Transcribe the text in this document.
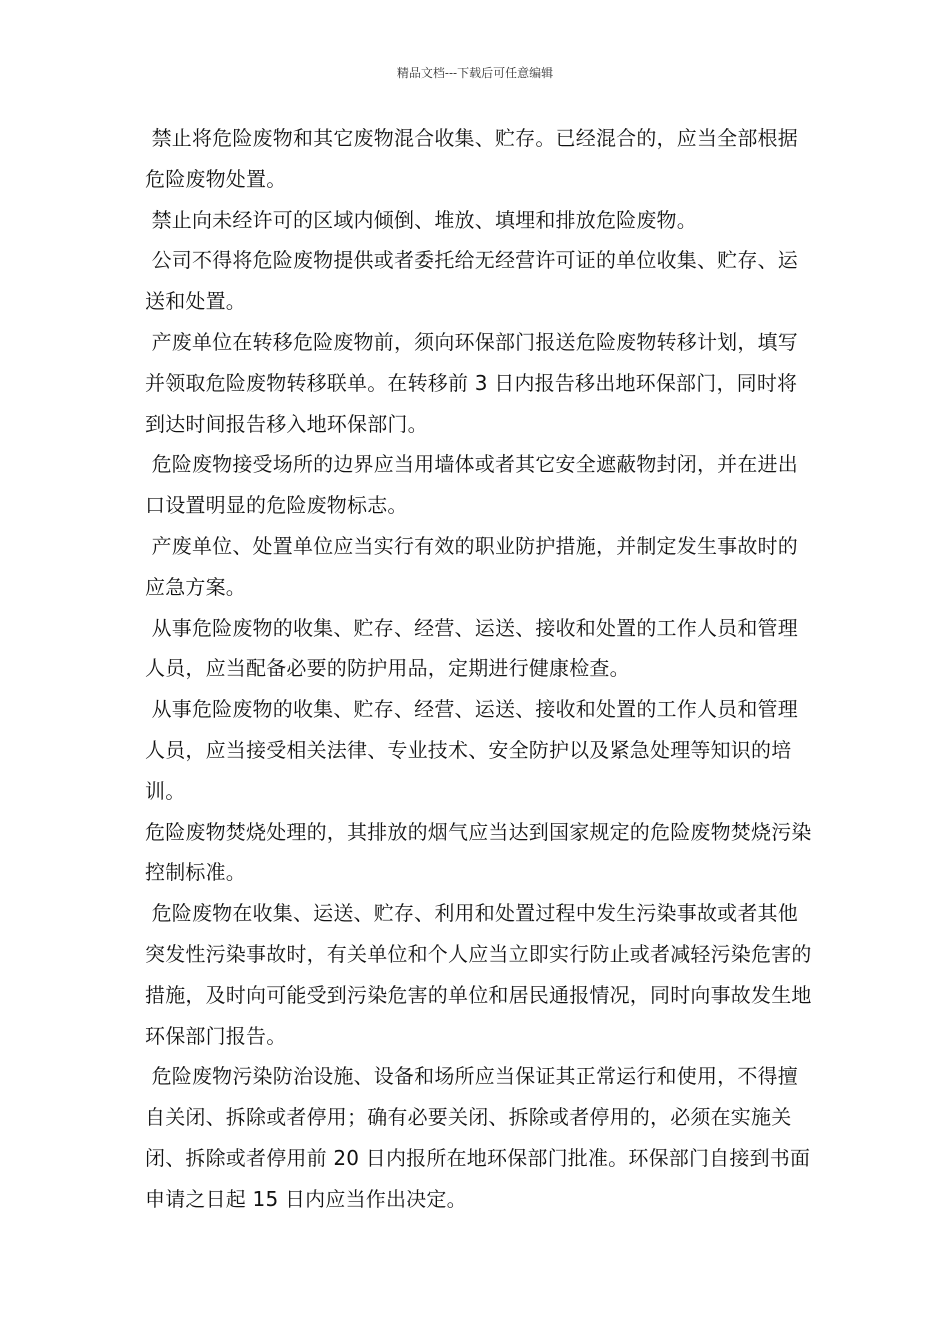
精品文档---下载后可任意编辑

禁止将危险废物和其它废物混合收集、贮存。已经混合的，应当全部根据危险废物处置。

禁止向未经许可的区域内倾倒、堆放、填埋和排放危险废物。

公司不得将危险废物提供或者委托给无经营许可证的单位收集、贮存、运送和处置。

产废单位在转移危险废物前，须向环保部门报送危险废物转移计划，填写并领取危险废物转移联单。在转移前 3 日内报告移出地环保部门，同时将到达时间报告移入地环保部门。

危险废物接受场所的边界应当用墙体或者其它安全遮蔽物封闭，并在进出口设置明显的危险废物标志。

产废单位、处置单位应当实行有效的职业防护措施，并制定发生事故时的应急方案。

从事危险废物的收集、贮存、经营、运送、接收和处置的工作人员和管理人员，应当配备必要的防护用品，定期进行健康检查。

从事危险废物的收集、贮存、经营、运送、接收和处置的工作人员和管理人员，应当接受相关法律、专业技术、安全防护以及紧急处理等知识的培训。

危险废物焚烧处理的，其排放的烟气应当达到国家规定的危险废物焚烧污染控制标准。

危险废物在收集、运送、贮存、利用和处置过程中发生污染事故或者其他突发性污染事故时，有关单位和个人应当立即实行防止或者减轻污染危害的措施，及时向可能受到污染危害的单位和居民通报情况，同时向事故发生地环保部门报告。

危险废物污染防治设施、设备和场所应当保证其正常运行和使用，不得擅自关闭、拆除或者停用；确有必要关闭、拆除或者停用的，必须在实施关闭、拆除或者停用前 20 日内报所在地环保部门批准。环保部门自接到书面申请之日起 15 日内应当作出决定。
